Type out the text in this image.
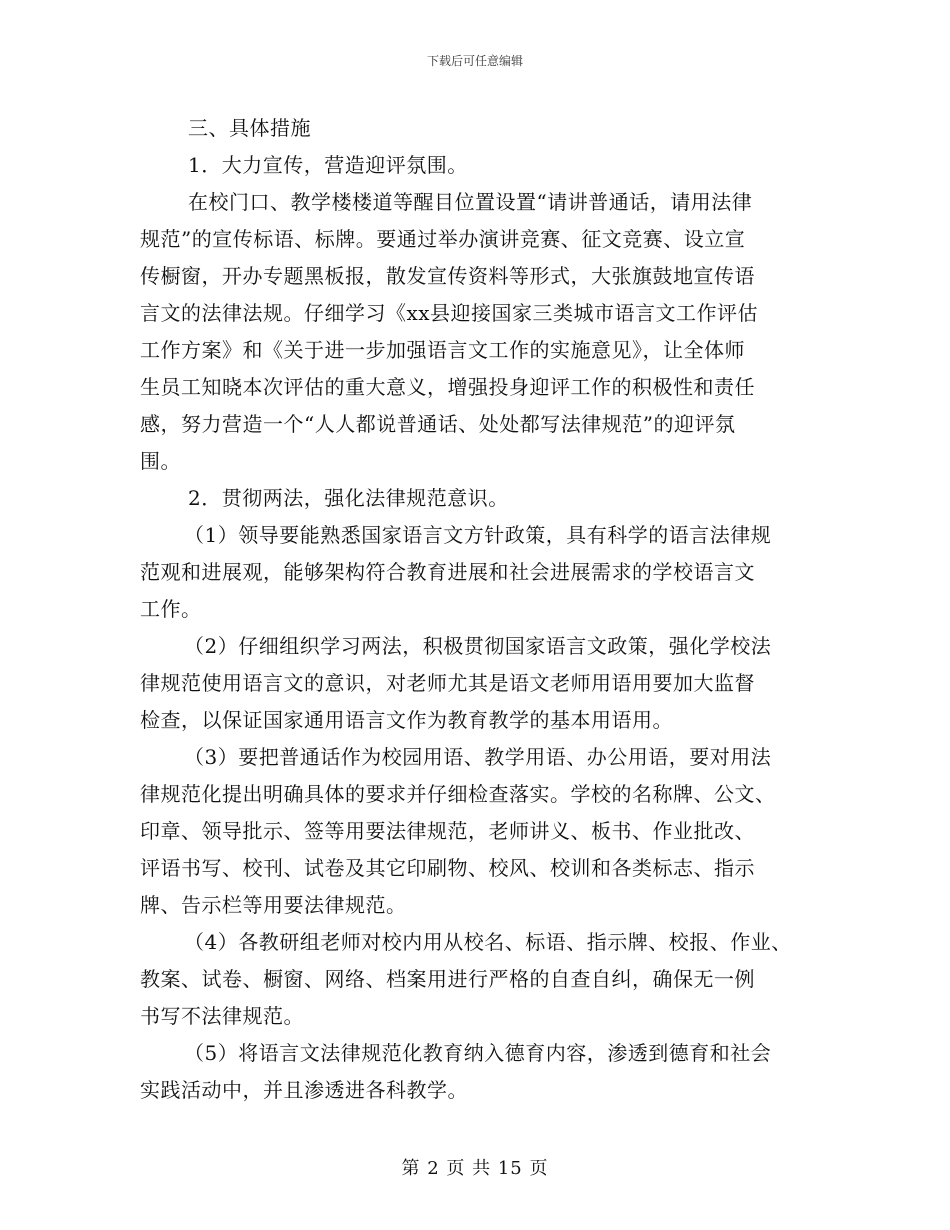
下载后可任意编辑
三、具体措施
1．大力宣传，营造迎评氛围。
在校门口、教学楼楼道等醒目位置设置“请讲普通话，请用法律
规范”的宣传标语、标牌。要通过举办演讲竞赛、征文竞赛、设立宣
传橱窗，开办专题黑板报，散发宣传资料等形式，大张旗鼓地宣传语
言文的法律法规。仔细学习《xx县迎接国家三类城市语言文工作评估
工作方案》和《关于进一步加强语言文工作的实施意见》，让全体师
生员工知晓本次评估的重大意义，增强投身迎评工作的积极性和责任
感，努力营造一个“人人都说普通话、处处都写法律规范”的迎评氛
围。
2．贯彻两法，强化法律规范意识。
（1）领导要能熟悉国家语言文方针政策，具有科学的语言法律规
范观和进展观，能够架构符合教育进展和社会进展需求的学校语言文
工作。
（2）仔细组织学习两法，积极贯彻国家语言文政策，强化学校法
律规范使用语言文的意识，对老师尤其是语文老师用语用要加大监督
检查，以保证国家通用语言文作为教育教学的基本用语用。
（3）要把普通话作为校园用语、教学用语、办公用语，要对用法
律规范化提出明确具体的要求并仔细检查落实。学校的名称牌、公文、
印章、领导批示、签等用要法律规范，老师讲义、板书、作业批改、
评语书写、校刊、试卷及其它印刷物、校风、校训和各类标志、指示
牌、告示栏等用要法律规范。
（4）各教研组老师对校内用从校名、标语、指示牌、校报、作业、
教案、试卷、橱窗、网络、档案用进行严格的自查自纠，确保无一例
书写不法律规范。
（5）将语言文法律规范化教育纳入德育内容，渗透到德育和社会
实践活动中，并且渗透进各科教学。
第 2 页 共 15 页
